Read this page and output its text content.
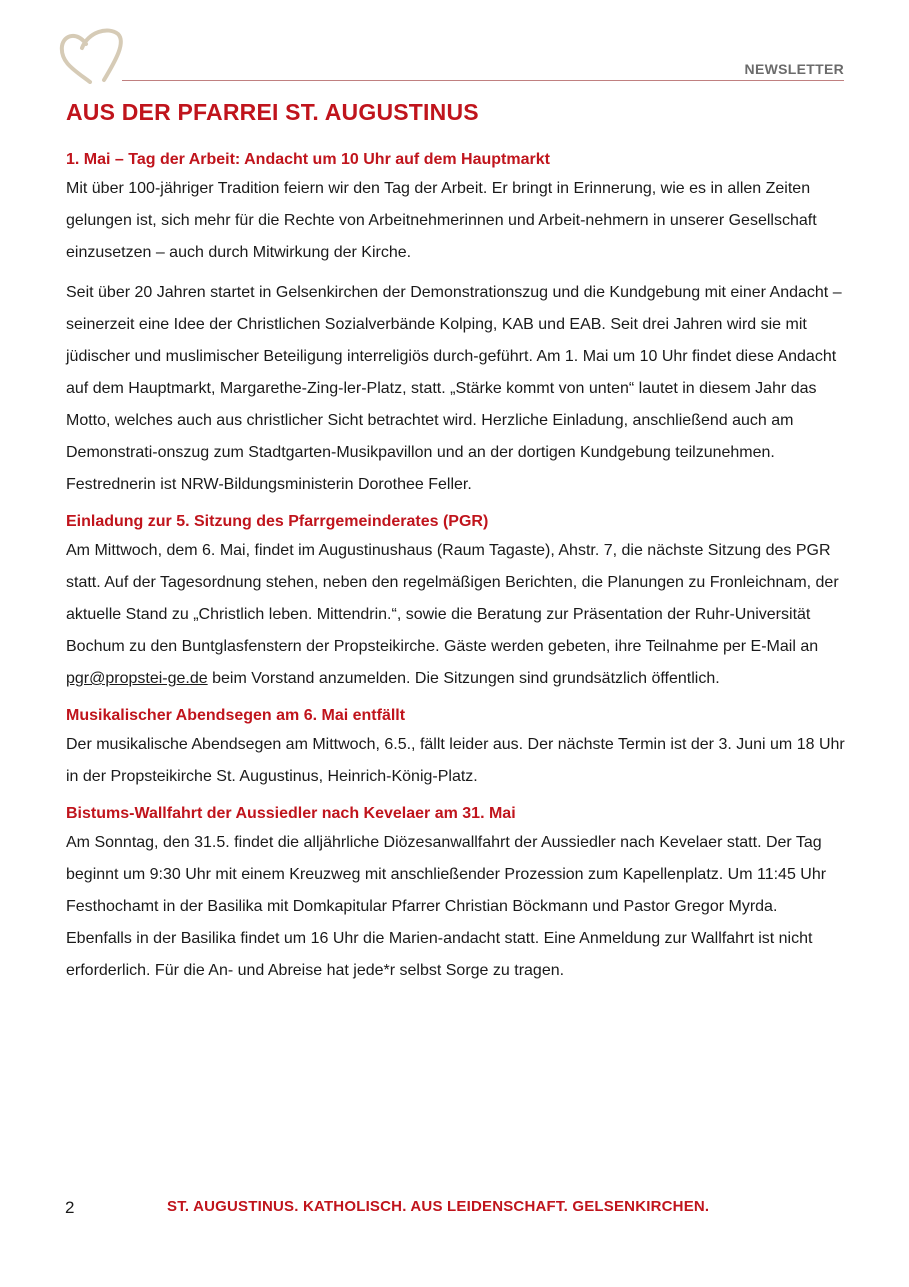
NEWSLETTER
AUS DER PFARREI ST. AUGUSTINUS
1. Mai – Tag der Arbeit: Andacht um 10 Uhr auf dem Hauptmarkt

Mit über 100-jähriger Tradition feiern wir den Tag der Arbeit. Er bringt in Erinnerung, wie es in allen Zeiten gelungen ist, sich mehr für die Rechte von Arbeitnehmerinnen und Arbeit-nehmern in unserer Gesellschaft einzusetzen – auch durch Mitwirkung der Kirche.

Seit über 20 Jahren startet in Gelsenkirchen der Demonstrationszug und die Kundgebung mit einer Andacht – seinerzeit eine Idee der Christlichen Sozialverbände Kolping, KAB und EAB. Seit drei Jahren wird sie mit jüdischer und muslimischer Beteiligung interreligiös durch-geführt. Am 1. Mai um 10 Uhr findet diese Andacht auf dem Hauptmarkt, Margarethe-Zing-ler-Platz, statt. „Stärke kommt von unten“ lautet in diesem Jahr das Motto, welches auch aus christlicher Sicht betrachtet wird. Herzliche Einladung, anschließend auch am Demonstrati-onszug zum Stadtgarten-Musikpavillon und an der dortigen Kundgebung teilzunehmen. Festrednerin ist NRW-Bildungsministerin Dorothee Feller.

Einladung zur 5. Sitzung des Pfarrgemeinderates (PGR)

Am Mittwoch, dem 6. Mai, findet im Augustinushaus (Raum Tagaste), Ahstr. 7, die nächste Sitzung des PGR statt. Auf der Tagesordnung stehen, neben den regelmäßigen Berichten, die Planungen zu Fronleichnam, der aktuelle Stand zu „Christlich leben. Mittendrin.“, sowie die Beratung zur Präsentation der Ruhr-Universität Bochum zu den Buntglasfenstern der Propsteikirche. Gäste werden gebeten, ihre Teilnahme per E-Mail an pgr@propstei-ge.de beim Vorstand anzumelden. Die Sitzungen sind grundsätzlich öffentlich.

Musikalischer Abendsegen am 6. Mai entfällt

Der musikalische Abendsegen am Mittwoch, 6.5., fällt leider aus. Der nächste Termin ist der 3. Juni um 18 Uhr in der Propsteikirche St. Augustinus, Heinrich-König-Platz.

Bistums-Wallfahrt der Aussiedler nach Kevelaer am 31. Mai

Am Sonntag, den 31.5. findet die alljährliche Diözesanwallfahrt der Aussiedler nach Kevelaer statt. Der Tag beginnt um 9:30 Uhr mit einem Kreuzweg mit anschließender Prozession zum Kapellenplatz. Um 11:45 Uhr Festhochamt in der Basilika mit Domkapitular Pfarrer Christian Böckmann und Pastor Gregor Myrda. Ebenfalls in der Basilika findet um 16 Uhr die Marien-andacht statt. Eine Anmeldung zur Wallfahrt ist nicht erforderlich. Für die An- und Abreise hat jede*r selbst Sorge zu tragen.

2	ST. AUGUSTINUS. KATHOLISCH. AUS LEIDENSCHAFT. GELSENKIRCHEN.
